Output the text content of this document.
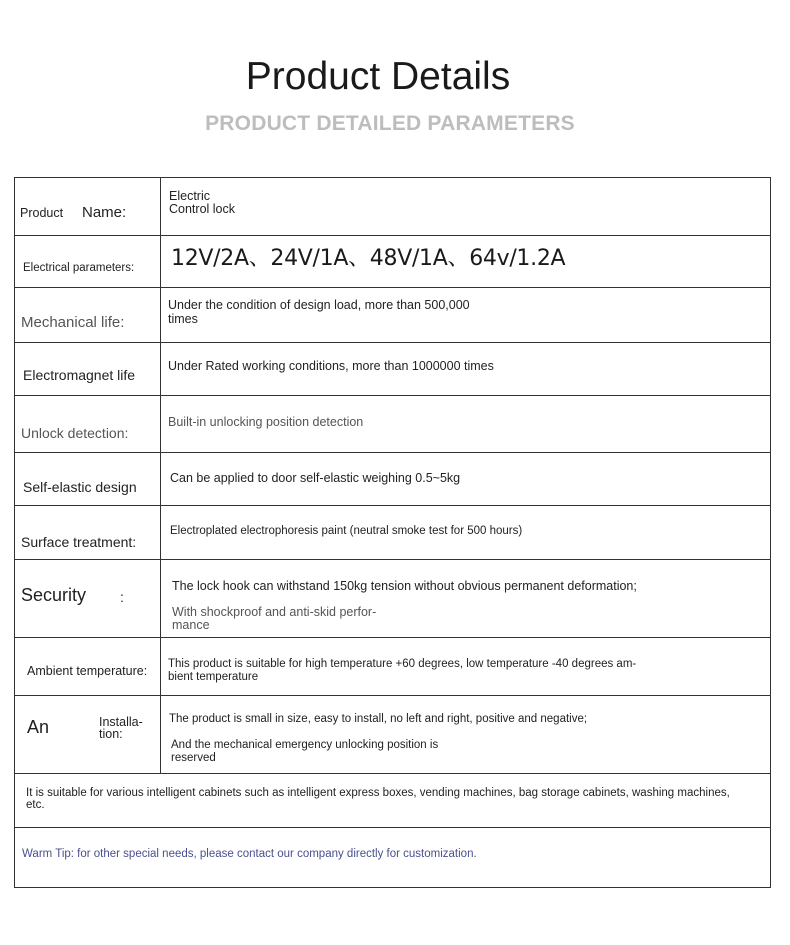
Product Details
PRODUCT DETAILED PARAMETERS
Product Name:
Electric
Control lock
Electrical parameters: 12V/2A、24V/1A、48V/1A、64v/1.2A
Mechanical life:
Under the condition of design load, more than 500,000
times
Electromagnet life
Under Rated working conditions, more than 1000000 times
Unlock detection:
Built-in unlocking position detection
Self-elastic design
Can be applied to door self-elastic weighing 0.5~5kg
Surface treatment:
Electroplated electrophoresis paint (neutral smoke test for 500 hours)
Security :
The lock hook can withstand 150kg tension without obvious permanent deformation;
With shockproof and anti-skid perfor-
mance
Ambient temperature: This product is suitable for high temperature +60 degrees, low temperature -40 degrees am-
bient temperature
An	Installa-
tion:
The product is small in size, easy to install, no left and right, positive and negative;
And the mechanical emergency unlocking position is
reserved
It is suitable for various intelligent cabinets such as intelligent express boxes, vending machines, bag storage cabinets, washing machines, etc.
Warm Tip: for other special needs, please contact our company directly for customization.
